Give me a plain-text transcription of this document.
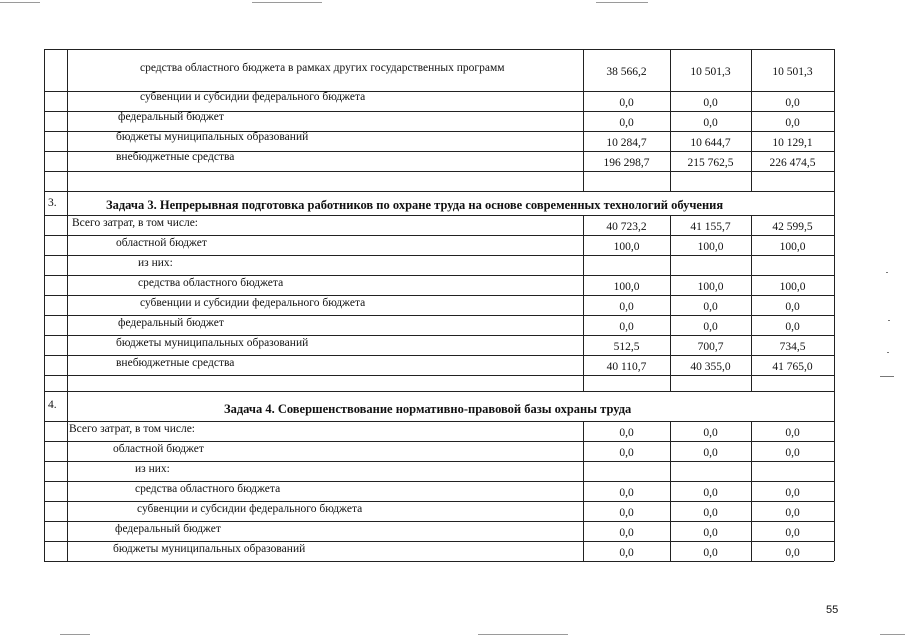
средства областного бюджета в рамках других государственных программ	38 566,2	10 501,3	10 501,3
субвенции и субсидии федерального бюджета	0,0	0,0	0,0
федеральный бюджет	0,0	0,0	0,0
бюджеты муниципальных образований	10 284,7	10 644,7	10 129,1
внебюджетные средства	196 298,7	215 762,5	226 474,5
3.	Задача 3. Непрерывная подготовка работников по охране труда на основе современных технологий обучения
Всего затрат, в том числе:	40 723,2	41 155,7	42 599,5
областной бюджет	100,0	100,0	100,0
из них:
средства областного бюджета	100,0	100,0	100,0
субвенции и субсидии федерального бюджета	0,0	0,0	0,0
федеральный бюджет	0,0	0,0	0,0
бюджеты муниципальных образований	512,5	700,7	734,5
внебюджетные средства	40 110,7	40 355,0	41 765,0
4.	Задача 4. Совершенствование нормативно-правовой базы охраны труда
Всего затрат, в том числе:	0,0	0,0	0,0
областной бюджет	0,0	0,0	0,0
из них:
средства областного бюджета	0,0	0,0	0,0
субвенции и субсидии федерального бюджета	0,0	0,0	0,0
федеральный бюджет	0,0	0,0	0,0
бюджеты муниципальных образований	0,0	0,0	0,0
55
